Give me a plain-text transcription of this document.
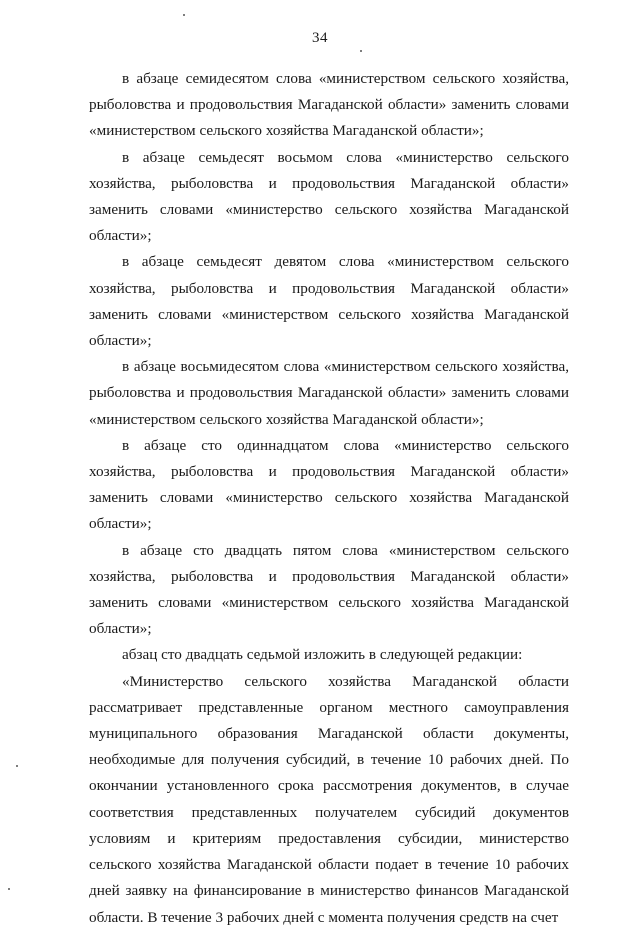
34

в абзаце семидесятом слова «министерством сельского хозяйства, рыболовства и продовольствия Магаданской области» заменить словами «министерством сельского хозяйства Магаданской области»;

в абзаце семьдесят восьмом слова «министерство сельского хозяйства, рыболовства и продовольствия Магаданской области» заменить словами «министерство сельского хозяйства Магаданской области»;

в абзаце семьдесят девятом слова «министерством сельского хозяйства, рыболовства и продовольствия Магаданской области» заменить словами «министерством сельского хозяйства Магаданской области»;

в абзаце восьмидесятом слова «министерством сельского хозяйства, рыболовства и продовольствия Магаданской области» заменить словами «министерством сельского хозяйства Магаданской области»;

в абзаце сто одиннадцатом слова «министерство сельского хозяйства, рыболовства и продовольствия Магаданской области» заменить словами «министерство сельского хозяйства Магаданской области»;

в абзаце сто двадцать пятом слова «министерством сельского хозяйства, рыболовства и продовольствия Магаданской области» заменить словами «министерством сельского хозяйства Магаданской области»;

абзац сто двадцать седьмой изложить в следующей редакции:

«Министерство сельского хозяйства Магаданской области рассматривает представленные органом местного самоуправления муниципального образования Магаданской области документы, необходимые для получения субсидий, в течение 10 рабочих дней. По окончании установленного срока рассмотрения документов, в случае соответствия представленных получателем субсидий документов условиям и критериям предоставления субсидии, министерство сельского хозяйства Магаданской области подает в течение 10 рабочих дней заявку на финансирование в министерство финансов Магаданской области. В течение 3 рабочих дней с момента получения средств на счет
